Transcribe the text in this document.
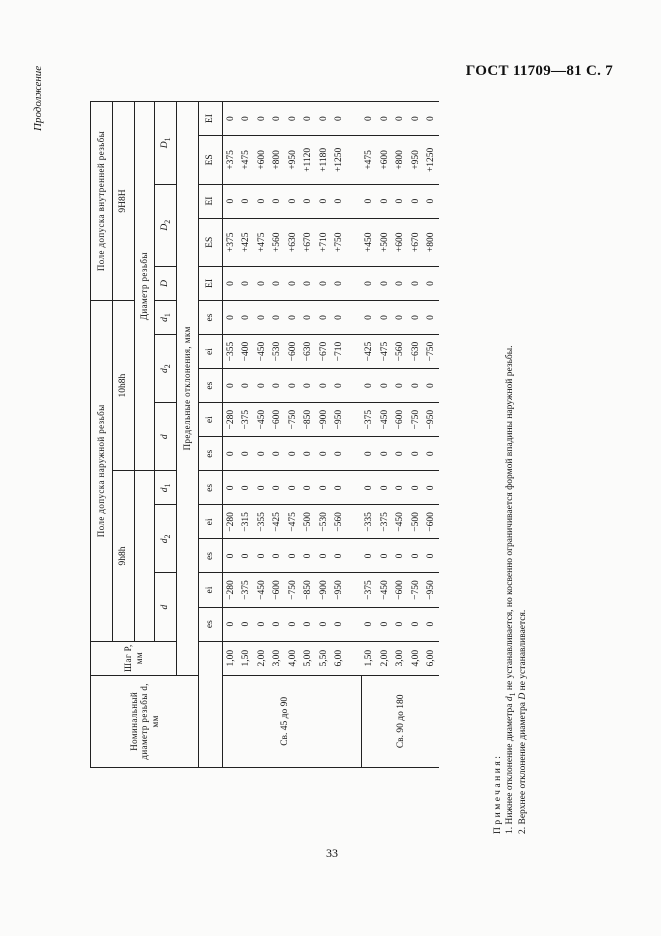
ГОСТ 11709—81 С. 7
Продолжение
Номинальный диаметр резьбы d, мм	Шаг P, мм	Поле допуска наружной резьбы										Поле допуска внутренней резьбы				
		9h8h					10h8h					9H8H				
							Диаметр резьбы									
		d		$d_2$		$d_1$	d		$d_2$		$d_1$	D	$D_2$		$D_1$
	Предельные отклонения, мкм															
		es	ei	es	ei	es	es	ei	es	ei	es	EI	ES	EI	ES	EI
Св. 45 до 90	1,00	0	−280	0	−280	0	0	−280	0	−355	0	0	+375	0	+375	0
	1,50	0	−375	0	−315	0	0	−375	0	−400	0	0	+425	0	+475	0
	2,00	0	−450	0	−355	0	0	−450	0	−450	0	0	+475	0	+600	0
	3,00	0	−600	0	−425	0	0	−600	0	−530	0	0	+560	0	+800	0
	4,00	0	−750	0	−475	0	0	−750	0	−600	0	0	+630	0	+950	0
	5,00	0	−850	0	−500	0	0	−850	0	−630	0	0	+670	0	+1120	0
	5,50	0	−900	0	−530	0	0	−900	0	−670	0	0	+710	0	+1180	0
	6,00	0	−950	0	−560	0	0	−950	0	−710	0	0	+750	0	+1250	0

Св. 90 до 180	1,50	0	−375	0	−335	0	0	−375	0	−425	0	0	+450	0	+475	0
	2,00	0	−450	0	−375	0	0	−450	0	−475	0	0	+500	0	+600	0
	3,00	0	−600	0	−450	0	0	−600	0	−560	0	0	+600	0	+800	0
	4,00	0	−750	0	−500	0	0	−750	0	−630	0	0	+670	0	+950	0
	6,00	0	−950	0	−600	0	0	−950	0	−750	0	0	+800	0	+1250	0
Примечания: 1. Нижнее отклонение диаметра $d_1$ не устанавливается, но косвенно ограничивается формой впадины наружной резьбы.
2. Верхнее отклонение диаметра D не устанавливается.
33
